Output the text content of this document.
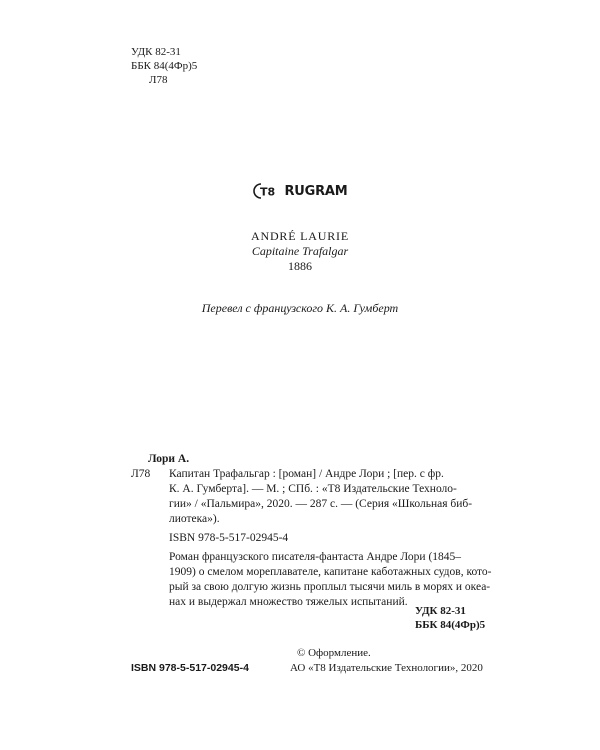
УДК 82-31
ББК 84(4Фр)5
Л78
T8 RUGRAM
ANDRÉ LAURIE
Capitaine Trafalgar
1886
Перевел с французского К. А. Гумберт
Лори А.
Л78 Капитан Трафальгар : [роман] / Андре Лори ; [пер. с фр.
К. А. Гумберта]. — М. ; СПб. : «Т8 Издательские Техноло-
гии» / «Пальмира», 2020. — 287 с. — (Серия «Школьная биб-
лиотека»).
ISBN 978-5-517-02945-4
Роман французского писателя-фантаста Андре Лори (1845–
1909) о смелом мореплавателе, капитане каботажных судов, кото-
рый за свою долгую жизнь проплыл тысячи миль в морях и океа-
нах и выдержал множество тяжелых испытаний.
УДК 82-31
ББК 84(4Фр)5
ISBN 978-5-517-02945-4
© Оформление.
АО «Т8 Издательские Технологии», 2020
